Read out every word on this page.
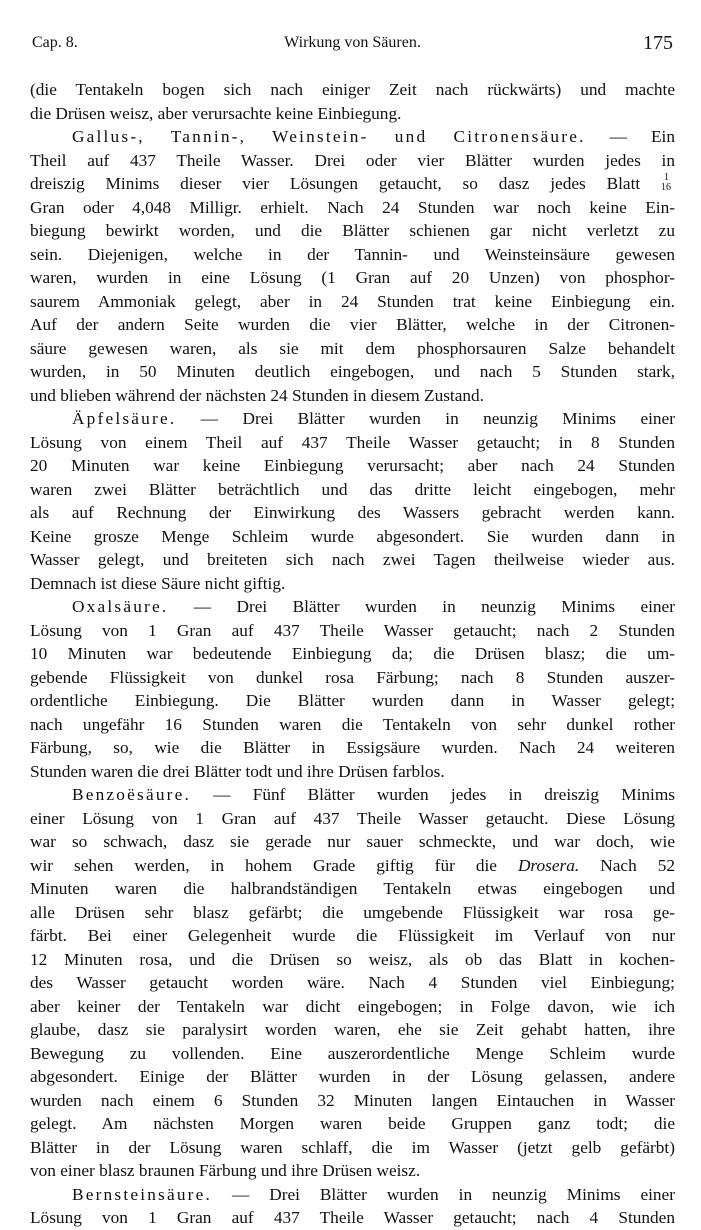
Cap. 8.	Wirkung von Säuren.	175
(die Tentakeln bogen sich nach einiger Zeit nach rückwärts) und machte
die Drüsen weisz, aber verursachte keine Einbiegung.
Gallus-, Tannin-, Weinstein- und Citronensäure. — Ein
Theil auf 437 Theile Wasser. Drei oder vier Blätter wurden jedes in
dreiszig Minims dieser vier Lösungen getaucht, so dasz jedes Blatt 1
16
Gran oder 4,048 Milligr. erhielt. Nach 24 Stunden war noch keine Ein-
biegung bewirkt worden, und die Blätter schienen gar nicht verletzt zu
sein. Diejenigen, welche in der Tannin- und Weinsteinsäure gewesen
waren, wurden in eine Lösung (1 Gran auf 20 Unzen) von phosphor-
saurem Ammoniak gelegt, aber in 24 Stunden trat keine Einbiegung ein.
Auf der andern Seite wurden die vier Blätter, welche in der Citronen-
säure gewesen waren, als sie mit dem phosphorsauren Salze behandelt
wurden, in 50 Minuten deutlich eingebogen, und nach 5 Stunden stark,
und blieben während der nächsten 24 Stunden in diesem Zustand.
Äpfelsäure. — Drei Blätter wurden in neunzig Minims einer
Lösung von einem Theil auf 437 Theile Wasser getaucht; in 8 Stunden
20 Minuten war keine Einbiegung verursacht; aber nach 24 Stunden
waren zwei Blätter beträchtlich und das dritte leicht eingebogen, mehr
als auf Rechnung der Einwirkung des Wassers gebracht werden kann.
Keine grosze Menge Schleim wurde abgesondert. Sie wurden dann in
Wasser gelegt, und breiteten sich nach zwei Tagen theilweise wieder aus.
Demnach ist diese Säure nicht giftig.
Oxalsäure. — Drei Blätter wurden in neunzig Minims einer
Lösung von 1 Gran auf 437 Theile Wasser getaucht; nach 2 Stunden
10 Minuten war bedeutende Einbiegung da; die Drüsen blasz; die um-
gebende Flüssigkeit von dunkel rosa Färbung; nach 8 Stunden auszer-
ordentliche Einbiegung. Die Blätter wurden dann in Wasser gelegt;
nach ungefähr 16 Stunden waren die Tentakeln von sehr dunkel rother
Färbung, so, wie die Blätter in Essigsäure wurden. Nach 24 weiteren
Stunden waren die drei Blätter todt und ihre Drüsen farblos.
Benzoësäure. — Fünf Blätter wurden jedes in dreiszig Minims
einer Lösung von 1 Gran auf 437 Theile Wasser getaucht. Diese Lösung
war so schwach, dasz sie gerade nur sauer schmeckte, und war doch, wie
wir sehen werden, in hohem Grade giftig für die Drosera. Nach 52
Minuten waren die halbrandständigen Tentakeln etwas eingebogen und
alle Drüsen sehr blasz gefärbt; die umgebende Flüssigkeit war rosa ge-
färbt. Bei einer Gelegenheit wurde die Flüssigkeit im Verlauf von nur
12 Minuten rosa, und die Drüsen so weisz, als ob das Blatt in kochen-
des Wasser getaucht worden wäre. Nach 4 Stunden viel Einbiegung;
aber keiner der Tentakeln war dicht eingebogen; in Folge davon, wie ich
glaube, dasz sie paralysirt worden waren, ehe sie Zeit gehabt hatten, ihre
Bewegung zu vollenden. Eine auszerordentliche Menge Schleim wurde
abgesondert. Einige der Blätter wurden in der Lösung gelassen, andere
wurden nach einem 6 Stunden 32 Minuten langen Eintauchen in Wasser
gelegt. Am nächsten Morgen waren beide Gruppen ganz todt; die
Blätter in der Lösung waren schlaff, die im Wasser (jetzt gelb gefärbt)
von einer blasz braunen Färbung und ihre Drüsen weisz.
Bernsteinsäure. — Drei Blätter wurden in neunzig Minims einer
Lösung von 1 Gran auf 437 Theile Wasser getaucht; nach 4 Stunden
